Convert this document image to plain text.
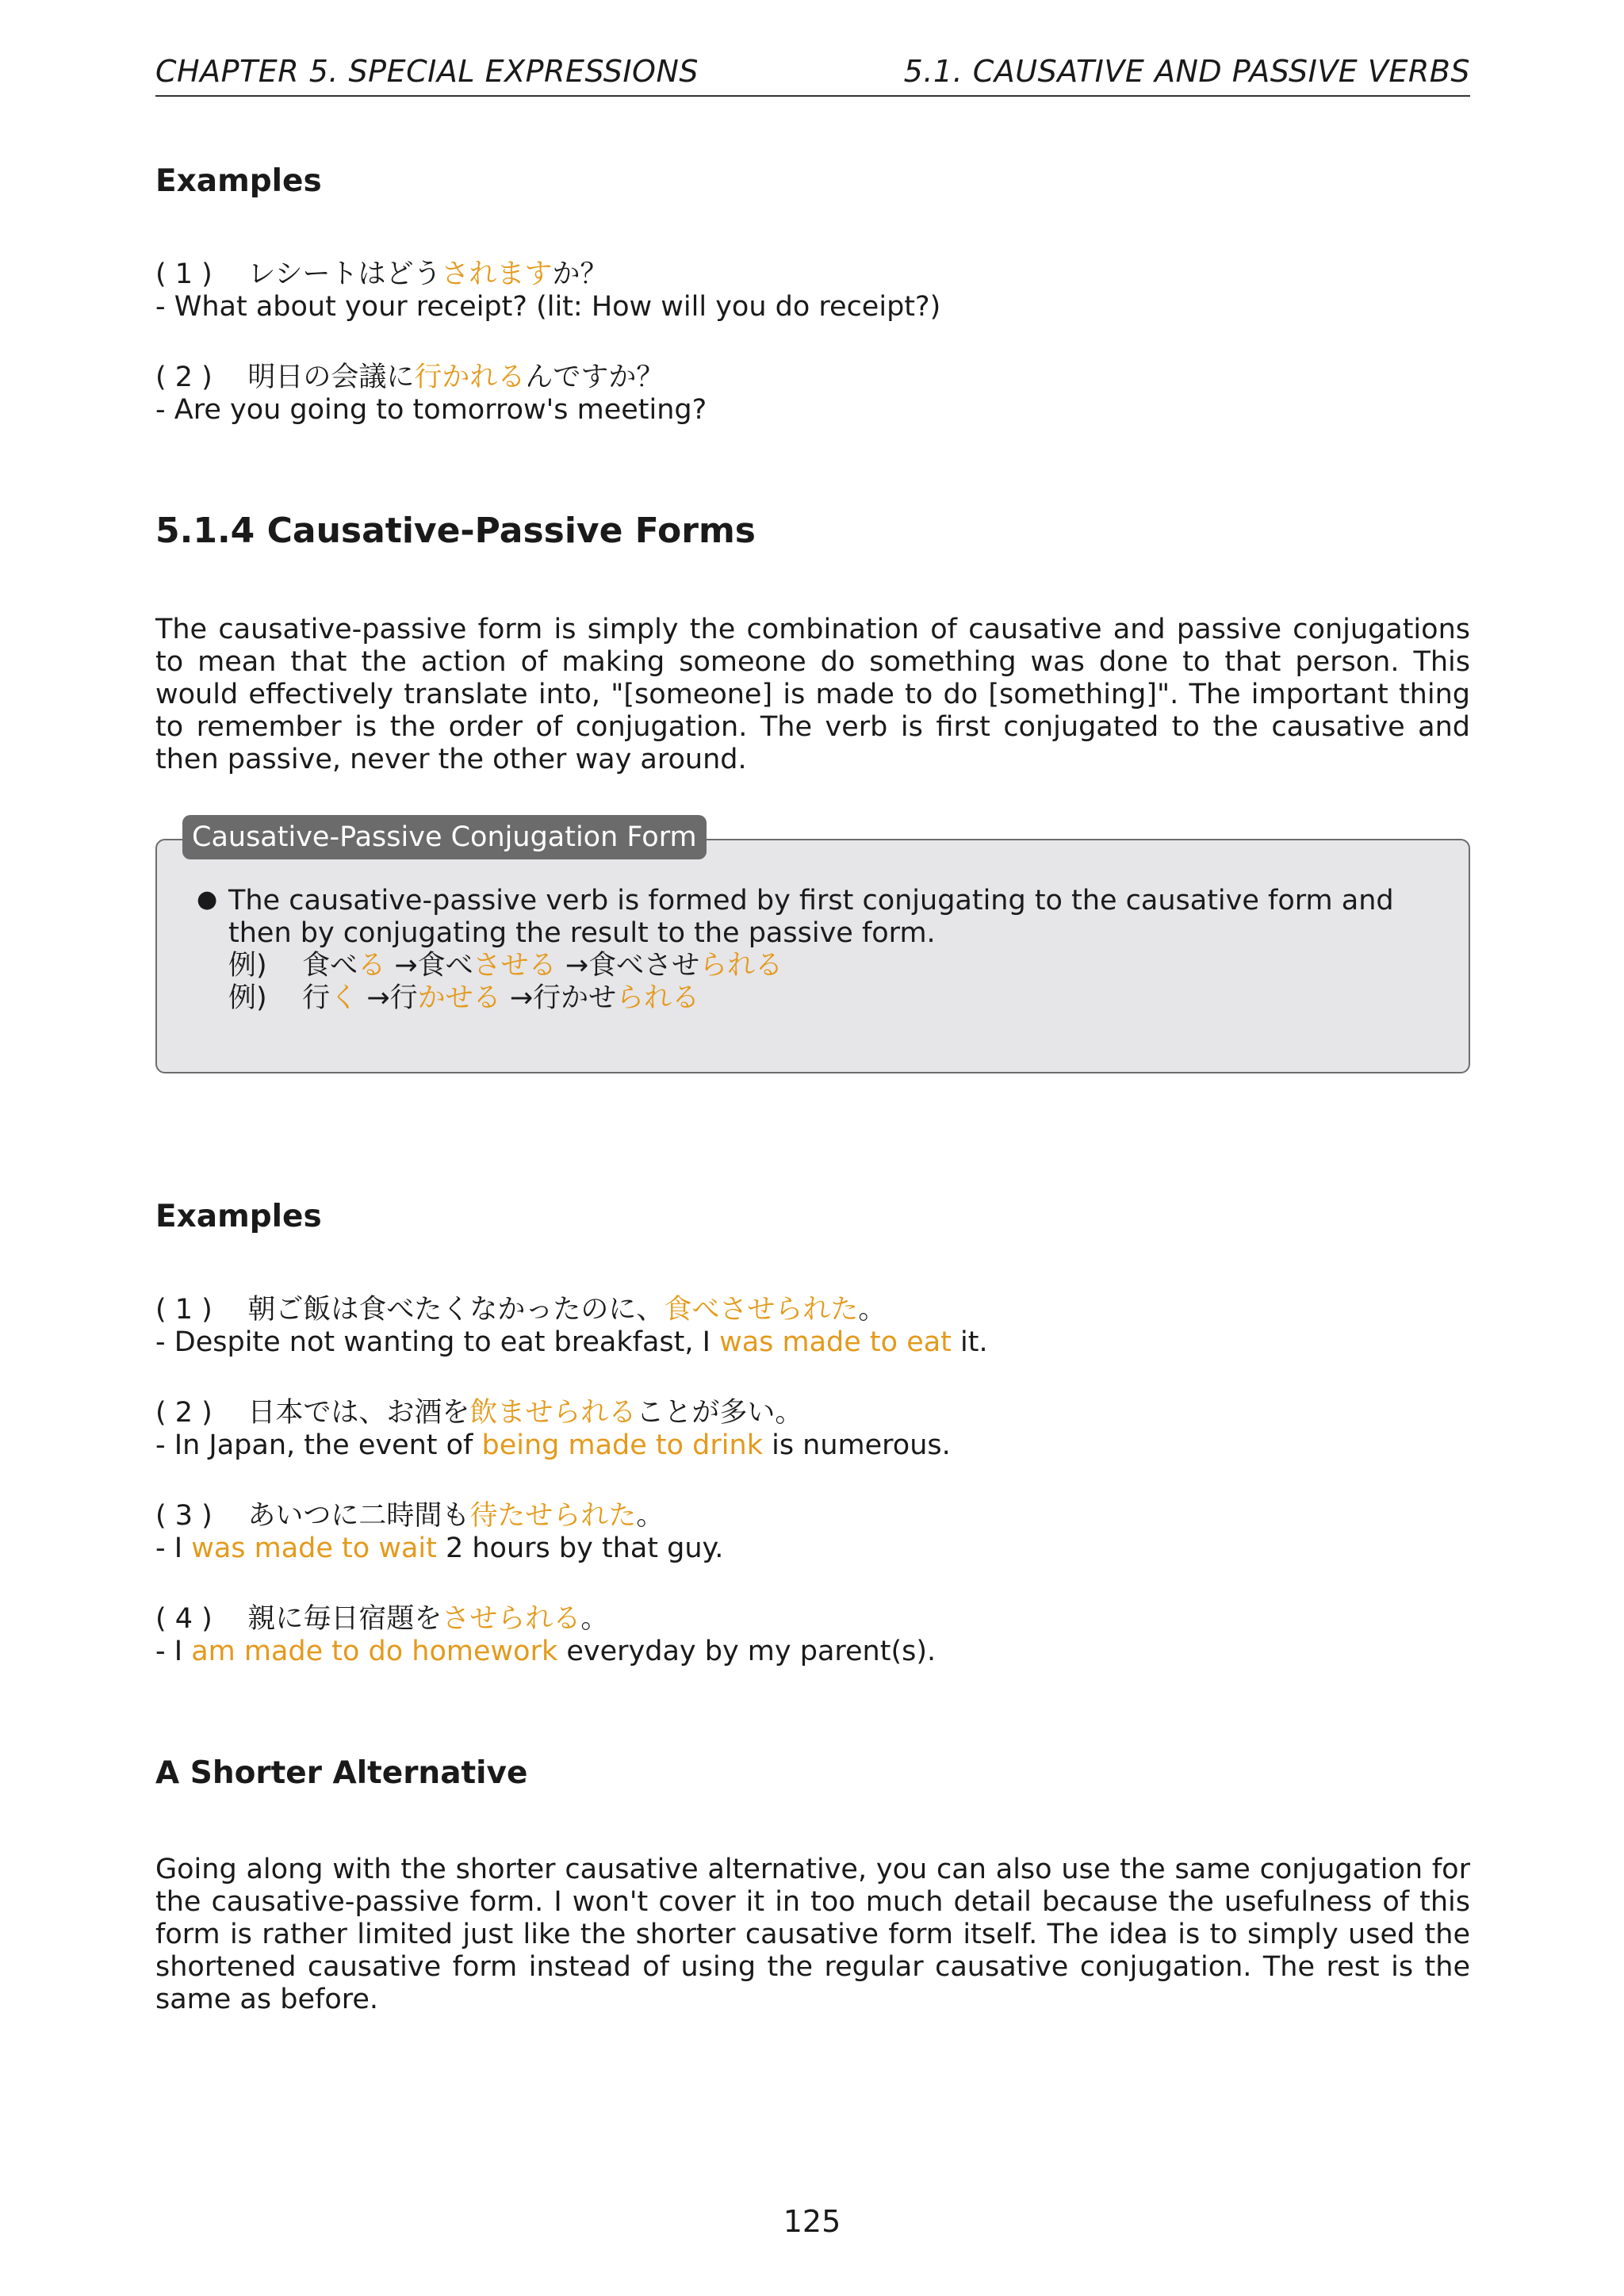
CHAPTER 5. SPECIAL EXPRESSIONS	5.1. CAUSATIVE AND PASSIVE VERBS
Examples
( 1 ) レシートはどうされますか？
- What about your receipt? (lit: How will you do receipt?)
( 2 ) 明日の会議に行かれるんですか？
- Are you going to tomorrow's meeting?
5.1.4 Causative-Passive Forms
The causative-passive form is simply the combination of causative and passive conjugations to mean that the action of making someone do something was done to that person. This would effectively translate into, "[someone] is made to do [something]". The important thing to remember is the order of conjugation. The verb is first conjugated to the causative and then passive, never the other way around.
● The causative-passive verb is formed by first conjugating to the causative form and then by conjugating the result to the passive form.
例) 食べる →食べさせる →食べさせられる
例) 行く →行かせる →行かせられる
Causative-Passive Conjugation Form
Examples
( 1 ) 朝ご飯は食べたくなかったのに、食べさせられた。
- Despite not wanting to eat breakfast, I was made to eat it.
( 2 ) 日本では、お酒を飲ませられることが多い。
- In Japan, the event of being made to drink is numerous.
( 3 ) あいつに二時間も待たせられた。
- I was made to wait 2 hours by that guy.
( 4 ) 親に毎日宿題をさせられる。
- I am made to do homework everyday by my parent(s).
A Shorter Alternative
Going along with the shorter causative alternative, you can also use the same conjugation for the causative-passive form. I won't cover it in too much detail because the usefulness of this form is rather limited just like the shorter causative form itself. The idea is to simply used the shortened causative form instead of using the regular causative conjugation. The rest is the same as before.
125
